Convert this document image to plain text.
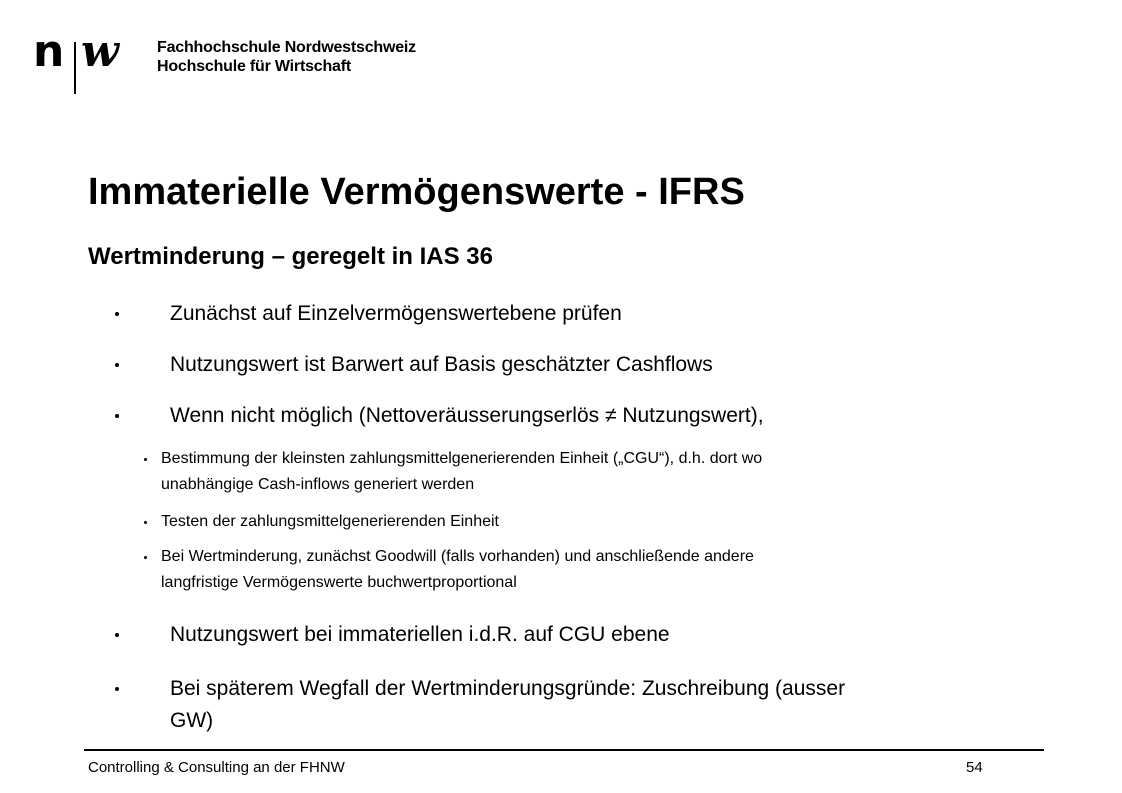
n w Fachhochschule Nordwestschweiz
Hochschule für Wirtschaft
Immaterielle Vermögenswerte - IFRS
Wertminderung – geregelt in IAS 36
Zunächst auf Einzelvermögenswertebene prüfen
Nutzungswert ist Barwert auf Basis geschätzter Cashflows
Wenn nicht möglich (Nettoveräusserungserlös ≠ Nutzungswert),
Bestimmung der kleinsten zahlungsmittelgenerierenden Einheit („CGU“), d.h. dort wo
unabhängige Cash-inflows generiert werden
Testen der zahlungsmittelgenerierenden Einheit
Bei Wertminderung, zunächst Goodwill (falls vorhanden) und anschließende andere
langfristige Vermögenswerte buchwertproportional
Nutzungswert bei immateriellen i.d.R. auf CGU ebene
Bei späterem Wegfall der Wertminderungsgründe: Zuschreibung (ausser
GW)
Controlling & Consulting an der FHNW	54
